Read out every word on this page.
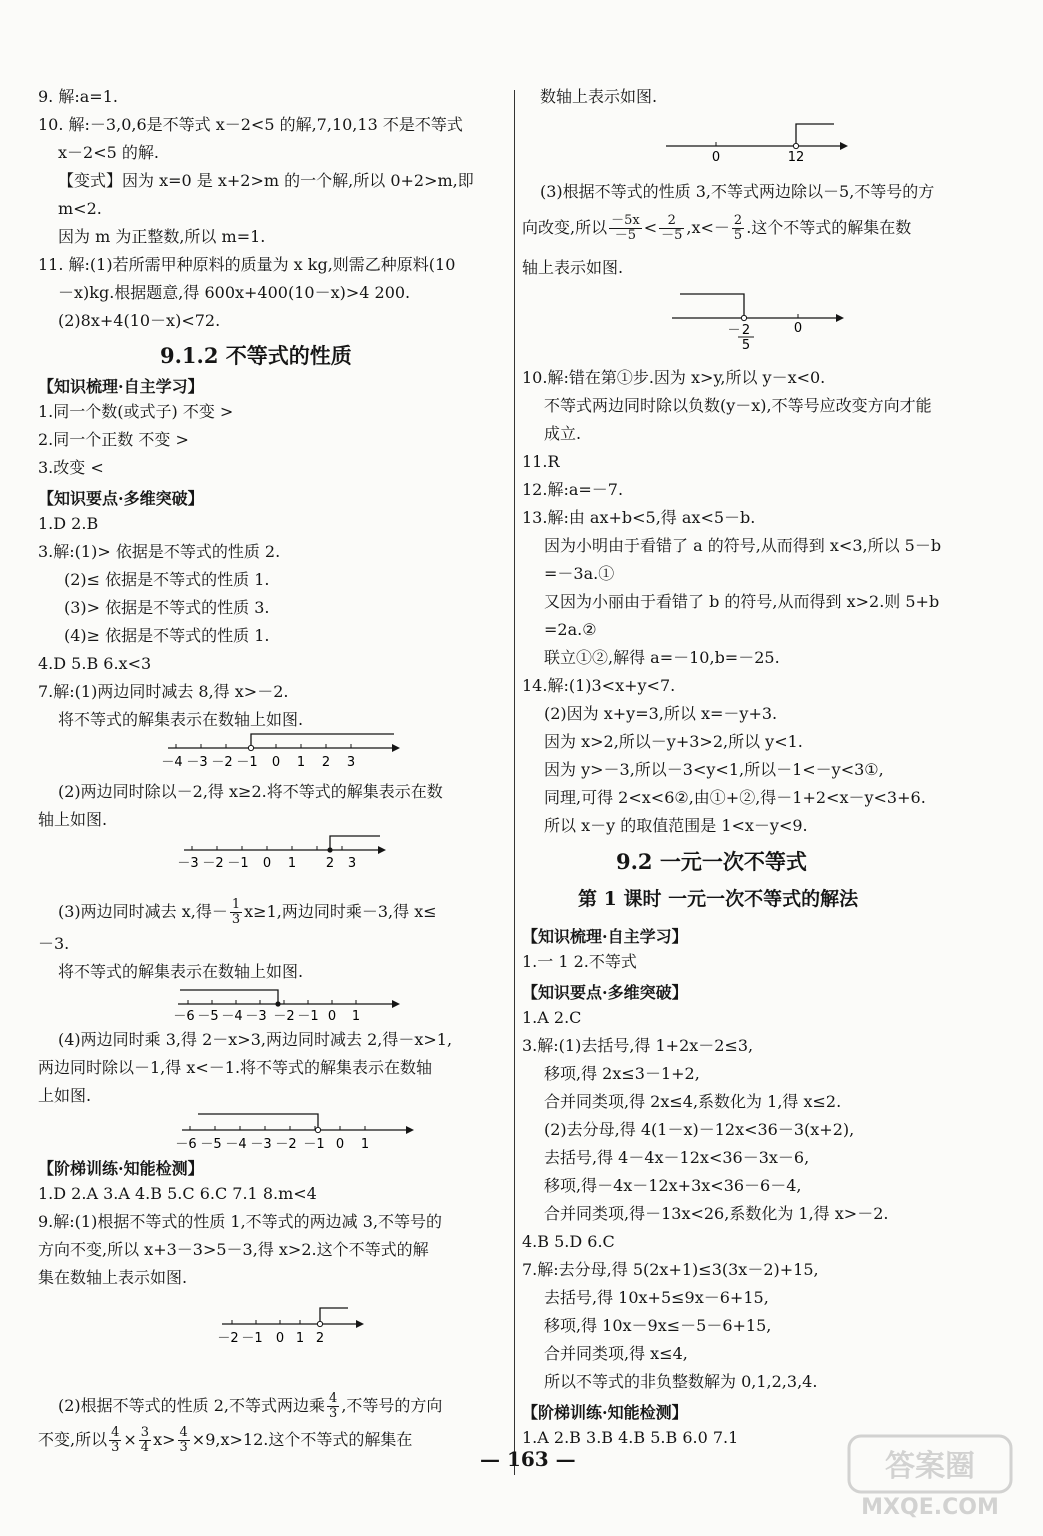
9. 解:a=1.
10. 解:－3,0,6是不等式 x－2<5 的解,7,10,13 不是不等式
x－2<5 的解.
【变式】因为 x=0 是 x+2>m 的一个解,所以 0+2>m,即
m<2.
因为 m 为正整数,所以 m=1.
11. 解:(1)若所需甲种原料的质量为 x kg,则需乙种原料(10
－x)kg.根据题意,得 600x+400(10－x)>4 200.
(2)8x+4(10－x)<72.
9.1.2 不等式的性质
【知识梳理·自主学习】
1.同一个数(或式子) 不变 >
2.同一个正数 不变 >
3.改变 <
【知识要点·多维突破】
1.D 2.B
3.解:(1)> 依据是不等式的性质 2.
(2)≤ 依据是不等式的性质 1.
(3)> 依据是不等式的性质 3.
(4)≥ 依据是不等式的性质 1.
4.D 5.B 6.x<3
7.解:(1)两边同时减去 8,得 x>－2.
将不等式的解集表示在数轴上如图.
－4 －3 －2 －1 0 1 2 3
(2)两边同时除以－2,得 x≥2.将不等式的解集表示在数
轴上如图.
－3 －2 －1 0 1 2 3
(3)两边同时减去 x,得－ $\frac{1}{3} x\ge 1$,两边同时乘－3,得 x≤
－3.
将不等式的解集表示在数轴上如图.
－6 －5 －4 －3 －2 －1 0 1
(4)两边同时乘 3,得 2－x>3,两边同时减去 2,得－x>1,
两边同时除以－1,得 x<－1.将不等式的解集表示在数轴
上如图.
－6 －5 －4 －3 －2 －1 0 1
【阶梯训练·知能检测】
1.D 2.A 3.A 4.B 5.C 6.C 7.1 8.m<4
9.解:(1)根据不等式的性质 1,不等式的两边减 3,不等号的
方向不变,所以 x+3－3>5－3,得 x>2.这个不等式的解
集在数轴上表示如图.
－2 －1 0 1 2
(2)根据不等式的性质 2,不等式两边乘 $\frac{4}{3}$ ,不等号的方向
不变,所以 $\frac{4}{3} \times \frac{3}{4} x> \frac{4}{3} \times 9,x>12$.这个不等式的解集在
数轴上表示如图.
0	12
(3)根据不等式的性质 3,不等式两边除以－5,不等号的方
向改变,所以 $\frac{-5x}{-5} < \frac{2}{-5} ,x<- \frac{2}{5}$ .这个不等式的解集在数
轴上表示如图.
0
－ 2
5
10.解:错在第①步.因为 x>y,所以 y－x<0.
不等式两边同时除以负数(y－x),不等号应改变方向才能
成立.
11.R
12.解:a=－7.
13.解:由 ax+b<5,得 ax<5－b.
因为小明由于看错了 a 的符号,从而得到 x<3,所以 5－b
=－3a.①
又因为小丽由于看错了 b 的符号,从而得到 x>2.则 5+b
=2a.②
联立①②,解得 a=－10,b=－25.
14.解:(1)3<x+y<7.
(2)因为 x+y=3,所以 x=－y+3.
因为 x>2,所以－y+3>2,所以 y<1.
因为 y>－3,所以－3<y<1,所以－1<－y<3①,
同理,可得 2<x<6②,由①+②,得－1+2<x－y<3+6.
所以 x－y 的取值范围是 1<x－y<9.
9.2 一元一次不等式
第 1 课时 一元一次不等式的解法
【知识梳理·自主学习】
1.一 1 2.不等式
【知识要点·多维突破】
1.A 2.C
3.解:(1)去括号,得 1+2x－2≤3,
移项,得 2x≤3－1+2,
合并同类项,得 2x≤4,系数化为 1,得 x≤2.
(2)去分母,得 4(1－x)－12x<36－3(x+2),
去括号,得 4－4x－12x<36－3x－6,
移项,得－4x－12x+3x<36－6－4,
合并同类项,得－13x<26,系数化为 1,得 x>－2.
4.B 5.D 6.C
7.解:去分母,得 5(2x+1)≤3(3x－2)+15,
去括号,得 10x+5≤9x－6+15,
移项,得 10x－9x≤－5－6+15,
合并同类项,得 x≤4,
所以不等式的非负整数解为 0,1,2,3,4.
【阶梯训练·知能检测】
1.A 2.B 3.B 4.B 5.B 6.0 7.1
— 163 —	答案圈
MXQE.COM
